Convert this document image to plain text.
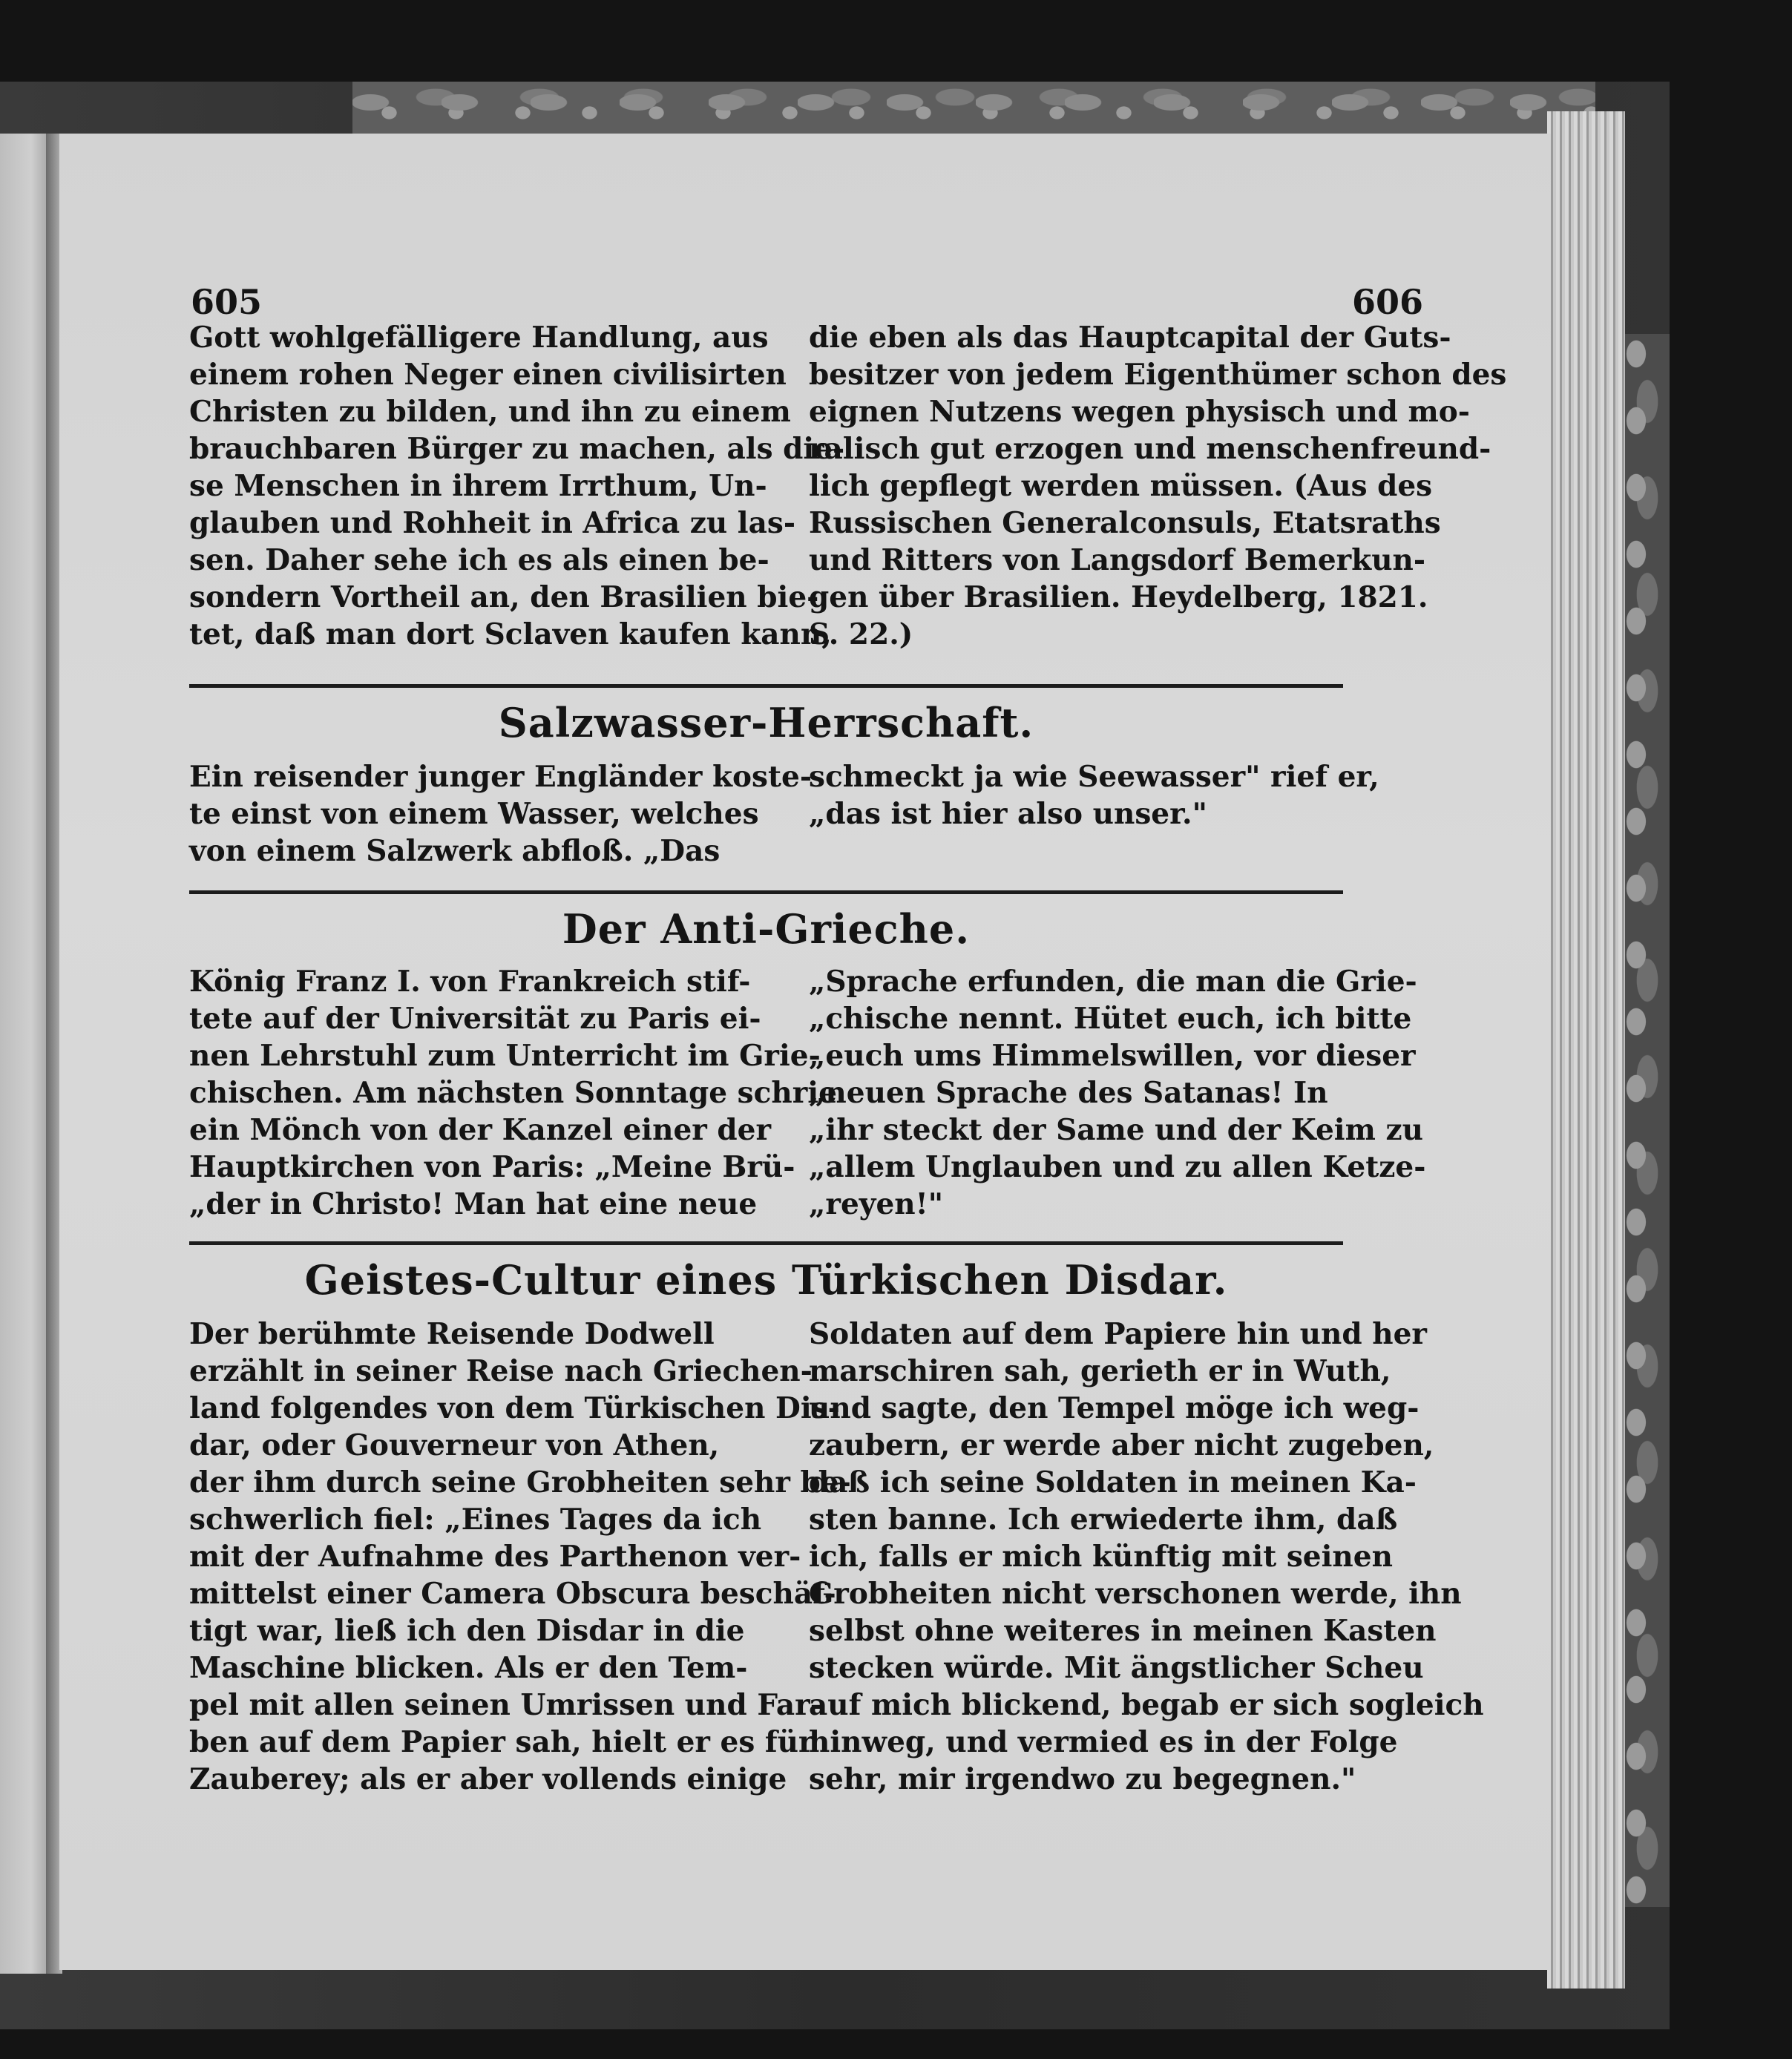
605	606
Gott wohlgefälligere Handlung, aus
einem rohen Neger einen civilisirten
Christen zu bilden, und ihn zu einem
brauchbaren Bürger zu machen, als die-
se Menschen in ihrem Irrthum, Un-
glauben und Rohheit in Africa zu las-
sen. Daher sehe ich es als einen be-
sondern Vortheil an, den Brasilien bie-
tet, daß man dort Sclaven kaufen kann,
die eben als das Hauptcapital der Guts-
besitzer von jedem Eigenthümer schon des
eignen Nutzens wegen physisch und mo-
ralisch gut erzogen und menschenfreund-
lich gepflegt werden müssen. (Aus des
Russischen Generalconsuls, Etatsraths
und Ritters von Langsdorf Bemerkun-
gen über Brasilien. Heydelberg, 1821.
S. 22.)
Salzwasser-Herrschaft.
Ein reisender junger Engländer koste-
te einst von einem Wasser, welches
von einem Salzwerk abfloß. „Das
schmeckt ja wie Seewasser" rief er,
„das ist hier also unser."
Der Anti-Grieche.
König Franz I. von Frankreich stif-
tete auf der Universität zu Paris ei-
nen Lehrstuhl zum Unterricht im Grie-
chischen. Am nächsten Sonntage schrie
ein Mönch von der Kanzel einer der
Hauptkirchen von Paris: „Meine Brü-
„der in Christo! Man hat eine neue
„Sprache erfunden, die man die Grie-
„chische nennt. Hütet euch, ich bitte
„euch ums Himmelswillen, vor dieser
„neuen Sprache des Satanas! In
„ihr steckt der Same und der Keim zu
„allem Unglauben und zu allen Ketze-
„reyen!"
Geistes-Cultur eines Türkischen Disdar.
Der berühmte Reisende Dodwell
erzählt in seiner Reise nach Griechen-
land folgendes von dem Türkischen Dis-
dar, oder Gouverneur von Athen,
der ihm durch seine Grobheiten sehr be-
schwerlich fiel: „Eines Tages da ich
mit der Aufnahme des Parthenon ver-
mittelst einer Camera Obscura beschäf-
tigt war, ließ ich den Disdar in die
Maschine blicken. Als er den Tem-
pel mit allen seinen Umrissen und Far-
ben auf dem Papier sah, hielt er es für
Zauberey; als er aber vollends einige
Soldaten auf dem Papiere hin und her
marschiren sah, gerieth er in Wuth,
und sagte, den Tempel möge ich weg-
zaubern, er werde aber nicht zugeben,
daß ich seine Soldaten in meinen Ka-
sten banne. Ich erwiederte ihm, daß
ich, falls er mich künftig mit seinen
Grobheiten nicht verschonen werde, ihn
selbst ohne weiteres in meinen Kasten
stecken würde. Mit ängstlicher Scheu
auf mich blickend, begab er sich sogleich
hinweg, und vermied es in der Folge
sehr, mir irgendwo zu begegnen."
